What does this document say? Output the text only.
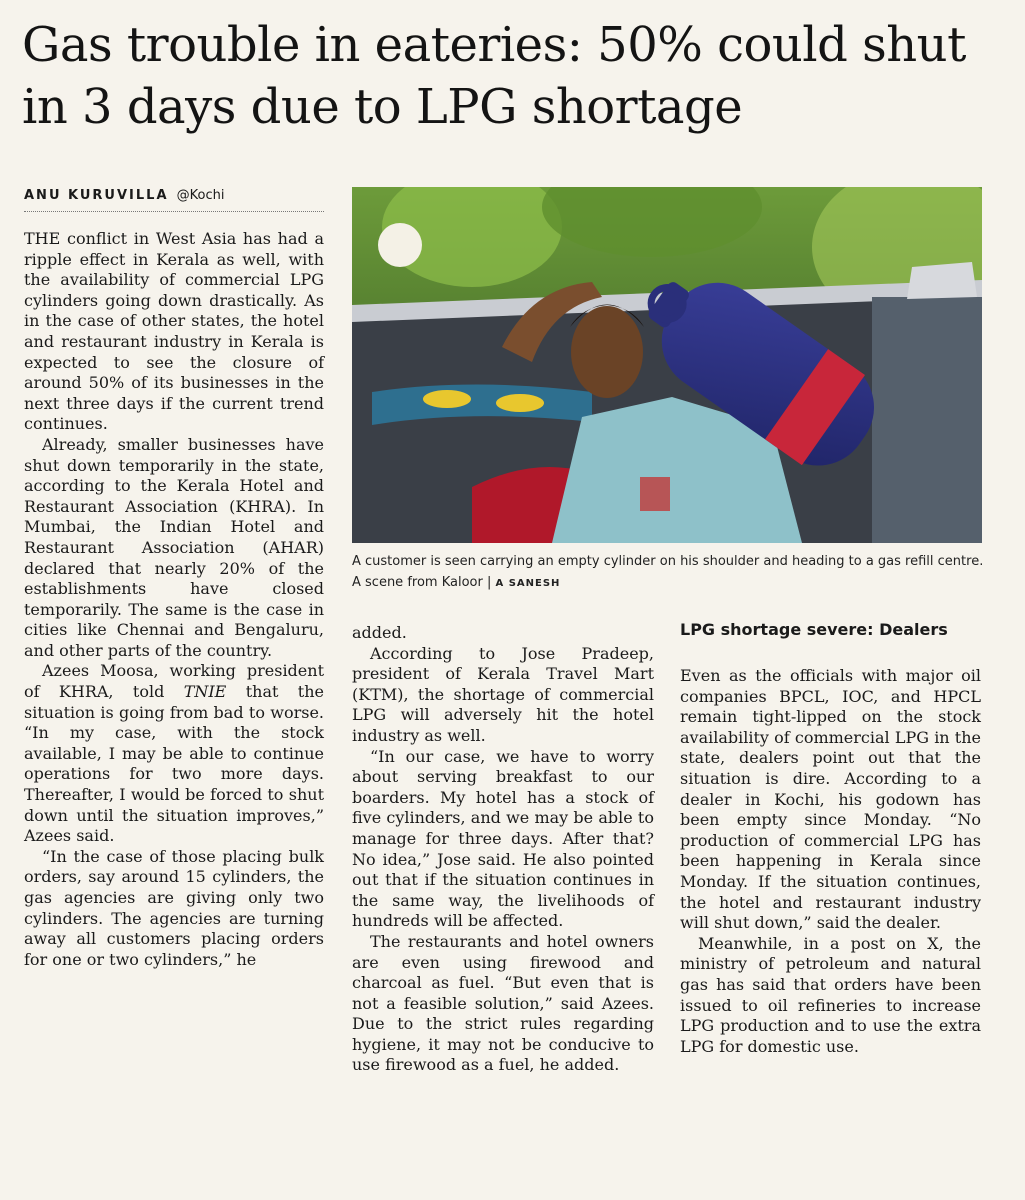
Gas trouble in eateries: 50% could shut in 3 days due to LPG shortage
ANU KURUVILLA @Kochi

THE conflict in West Asia has had a ripple effect in Kerala as well, with the availability of commercial LPG cylinders going down drastically. As in the case of other states, the hotel and restaurant industry in Kerala is expected to see the closure of around 50% of its businesses in the next three days if the current trend continues.

Already, smaller businesses have shut down temporarily in the state, according to the Kerala Hotel and Restaurant Association (KHRA). In Mumbai, the Indian Hotel and Restaurant Association (AHAR) declared that nearly 20% of the establishments have closed temporarily. The same is the case in cities like Chennai and Bengaluru, and other parts of the country.

Azees Moosa, working president of KHRA, told TNIE that the situation is going from bad to worse. “In my case, with the stock available, I may be able to continue operations for two more days. Thereafter, I would be forced to shut down until the situation improves,” Azees said.

“In the case of those placing bulk orders, say around 15 cylinders, the gas agencies are giving only two cylinders. The agencies are turning away all customers placing orders for one or two cylinders,” he

A customer is seen carrying an empty cylinder on his shoulder and heading to a gas refill centre. A scene from Kaloor | A SANESH

added.

According to Jose Pradeep, president of Kerala Travel Mart (KTM), the shortage of commercial LPG will adversely hit the hotel industry as well.

“In our case, we have to worry about serving breakfast to our boarders. My hotel has a stock of five cylinders, and we may be able to manage for three days. After that? No idea,” Jose said. He also pointed out that if the situation continues in the same way, the livelihoods of hundreds will be affected.

The restaurants and hotel owners are even using firewood and charcoal as fuel. “But even that is not a feasible solution,” said Azees. Due to the strict rules regarding hygiene, it may not be conducive to use firewood as a fuel, he added.

LPG shortage severe: Dealers

Even as the officials with major oil companies BPCL, IOC, and HPCL remain tight-lipped on the stock availability of commercial LPG in the state, dealers point out that the situation is dire. According to a dealer in Kochi, his godown has been empty since Monday. “No production of commercial LPG has been happening in Kerala since Monday. If the situation continues, the hotel and restaurant industry will shut down,” said the dealer.

Meanwhile, in a post on X, the ministry of petroleum and natural gas has said that orders have been issued to oil refineries to increase LPG production and to use the extra LPG for domestic use.
